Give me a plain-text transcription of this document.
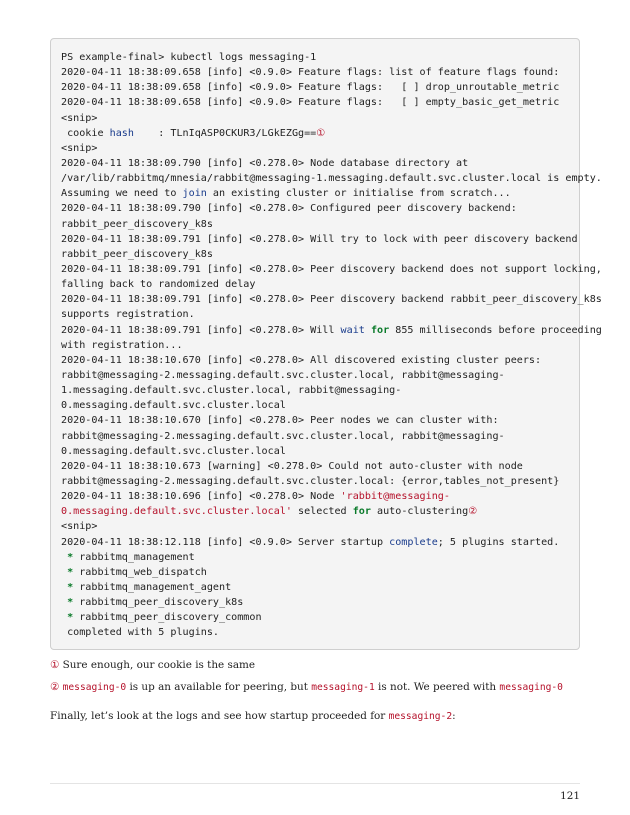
PS example-final> kubectl logs messaging-1
2020-04-11 18:38:09.658 [info] <0.9.0> Feature flags: list of feature flags found:
2020-04-11 18:38:09.658 [info] <0.9.0> Feature flags:   [ ] drop_unroutable_metric
2020-04-11 18:38:09.658 [info] <0.9.0> Feature flags:   [ ] empty_basic_get_metric
<snip>
cookie hash    : TLnIqASP0CKUR3/LGkEZGg==①
<snip>
2020-04-11 18:38:09.790 [info] <0.278.0> Node database directory at
/var/lib/rabbitmq/mnesia/rabbit@messaging-1.messaging.default.svc.cluster.local is empty.
Assuming we need to join an existing cluster or initialise from scratch...
2020-04-11 18:38:09.790 [info] <0.278.0> Configured peer discovery backend:
rabbit_peer_discovery_k8s
2020-04-11 18:38:09.791 [info] <0.278.0> Will try to lock with peer discovery backend
rabbit_peer_discovery_k8s
2020-04-11 18:38:09.791 [info] <0.278.0> Peer discovery backend does not support locking,
falling back to randomized delay
2020-04-11 18:38:09.791 [info] <0.278.0> Peer discovery backend rabbit_peer_discovery_k8s
supports registration.
2020-04-11 18:38:09.791 [info] <0.278.0> Will wait for 855 milliseconds before proceeding
with registration...
2020-04-11 18:38:10.670 [info] <0.278.0> All discovered existing cluster peers:
rabbit@messaging-2.messaging.default.svc.cluster.local, rabbit@messaging-
1.messaging.default.svc.cluster.local, rabbit@messaging-
0.messaging.default.svc.cluster.local
2020-04-11 18:38:10.670 [info] <0.278.0> Peer nodes we can cluster with:
rabbit@messaging-2.messaging.default.svc.cluster.local, rabbit@messaging-
0.messaging.default.svc.cluster.local
2020-04-11 18:38:10.673 [warning] <0.278.0> Could not auto-cluster with node
rabbit@messaging-2.messaging.default.svc.cluster.local: {error,tables_not_present}
2020-04-11 18:38:10.696 [info] <0.278.0> Node 'rabbit@messaging-
0.messaging.default.svc.cluster.local' selected for auto-clustering②
<snip>
2020-04-11 18:38:12.118 [info] <0.9.0> Server startup complete; 5 plugins started.
* rabbitmq_management
* rabbitmq_web_dispatch
* rabbitmq_management_agent
* rabbitmq_peer_discovery_k8s
* rabbitmq_peer_discovery_common
completed with 5 plugins.
① Sure enough, our cookie is the same
② messaging-0 is up an available for peering, but messaging-1 is not. We peered with messaging-0
Finally, let’s look at the logs and see how startup proceeded for messaging-2:
121
